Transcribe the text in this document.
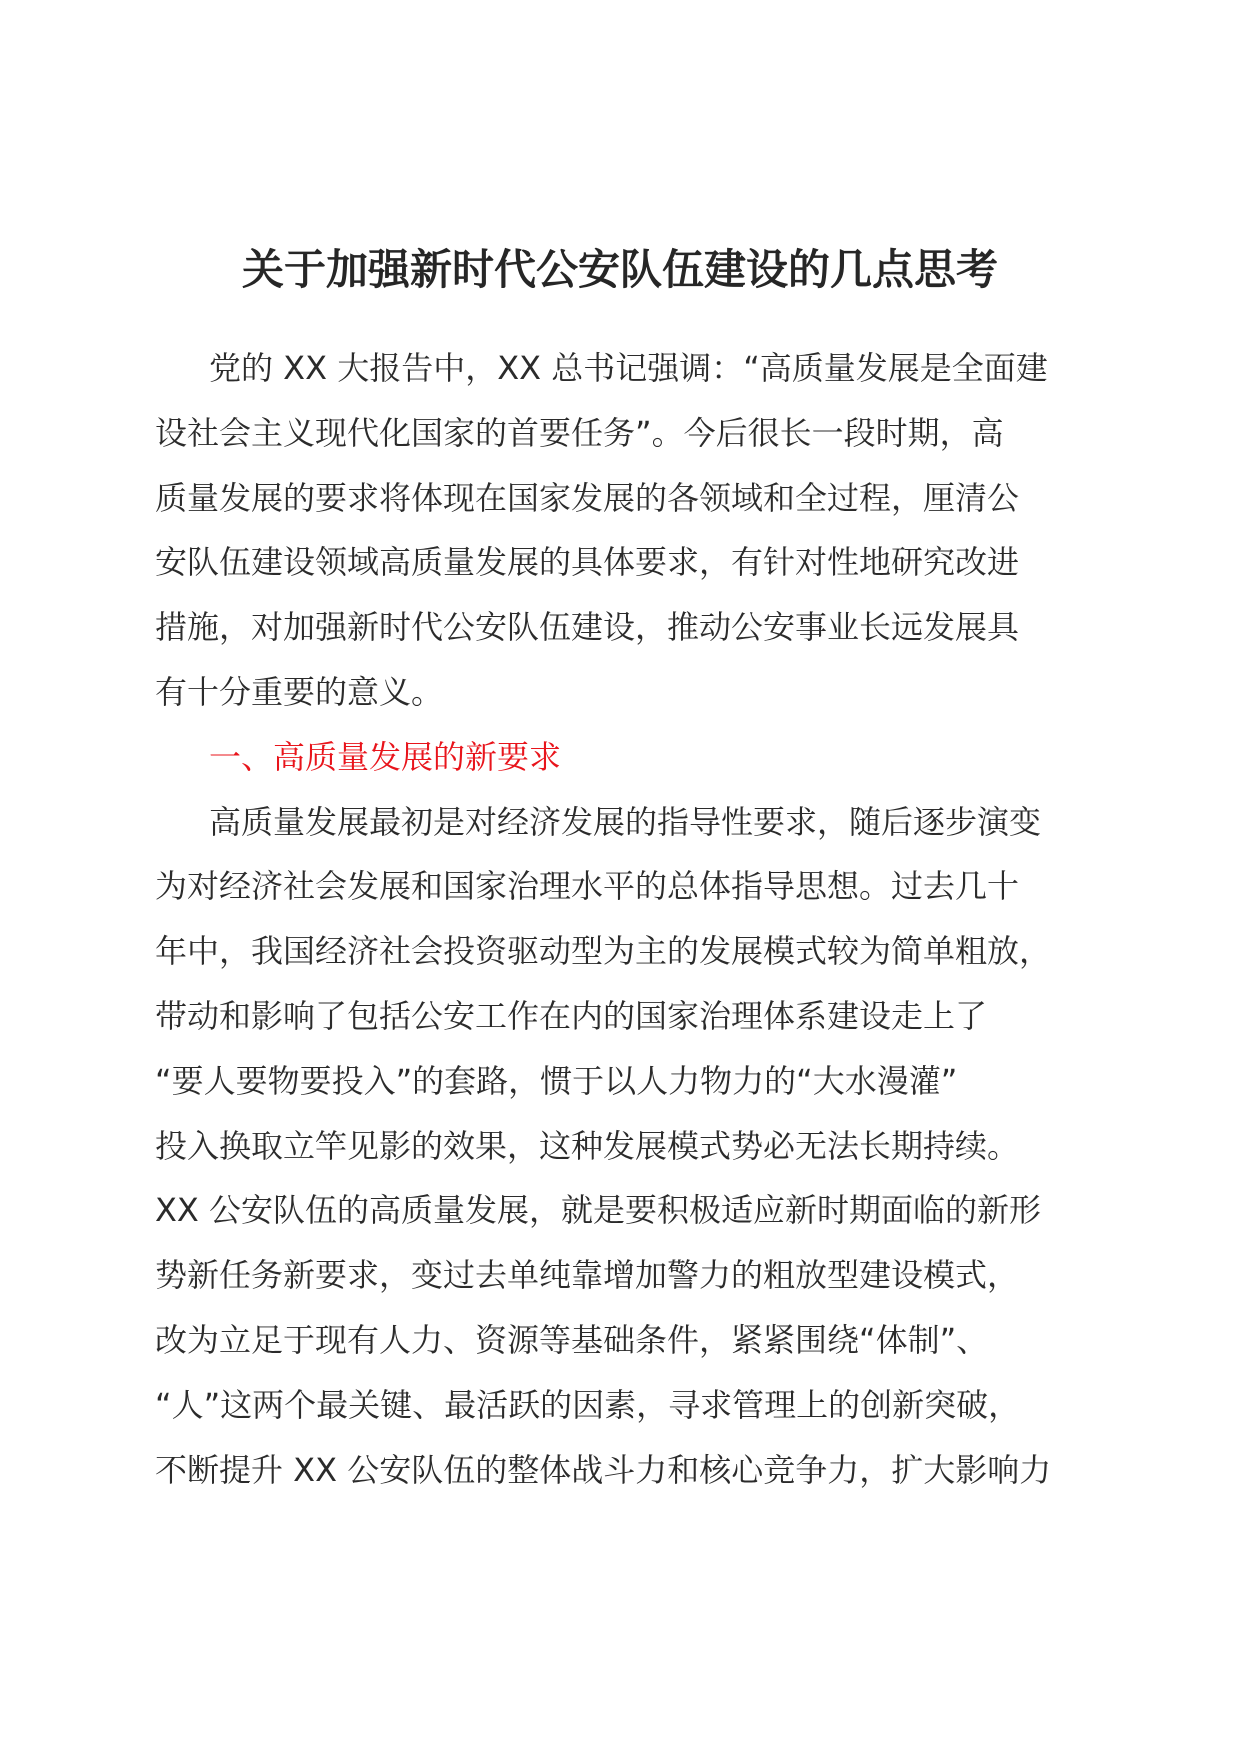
关于加强新时代公安队伍建设的几点思考
党的 XX 大报告中，XX 总书记强调：“高质量发展是全面建
设社会主义现代化国家的首要任务”。今后很长一段时期，高
质量发展的要求将体现在国家发展的各领域和全过程，厘清公
安队伍建设领域高质量发展的具体要求，有针对性地研究改进
措施，对加强新时代公安队伍建设，推动公安事业长远发展具
有十分重要的意义。
一、高质量发展的新要求
高质量发展最初是对经济发展的指导性要求，随后逐步演变
为对经济社会发展和国家治理水平的总体指导思想。过去几十
年中，我国经济社会投资驱动型为主的发展模式较为简单粗放，
带动和影响了包括公安工作在内的国家治理体系建设走上了
“要人要物要投入”的套路，惯于以人力物力的“大水漫灌”
投入换取立竿见影的效果，这种发展模式势必无法长期持续。
XX 公安队伍的高质量发展，就是要积极适应新时期面临的新形
势新任务新要求，变过去单纯靠增加警力的粗放型建设模式，
改为立足于现有人力、资源等基础条件，紧紧围绕“体制”、
“人”这两个最关键、最活跃的因素，寻求管理上的创新突破，
不断提升 XX 公安队伍的整体战斗力和核心竞争力，扩大影响力
